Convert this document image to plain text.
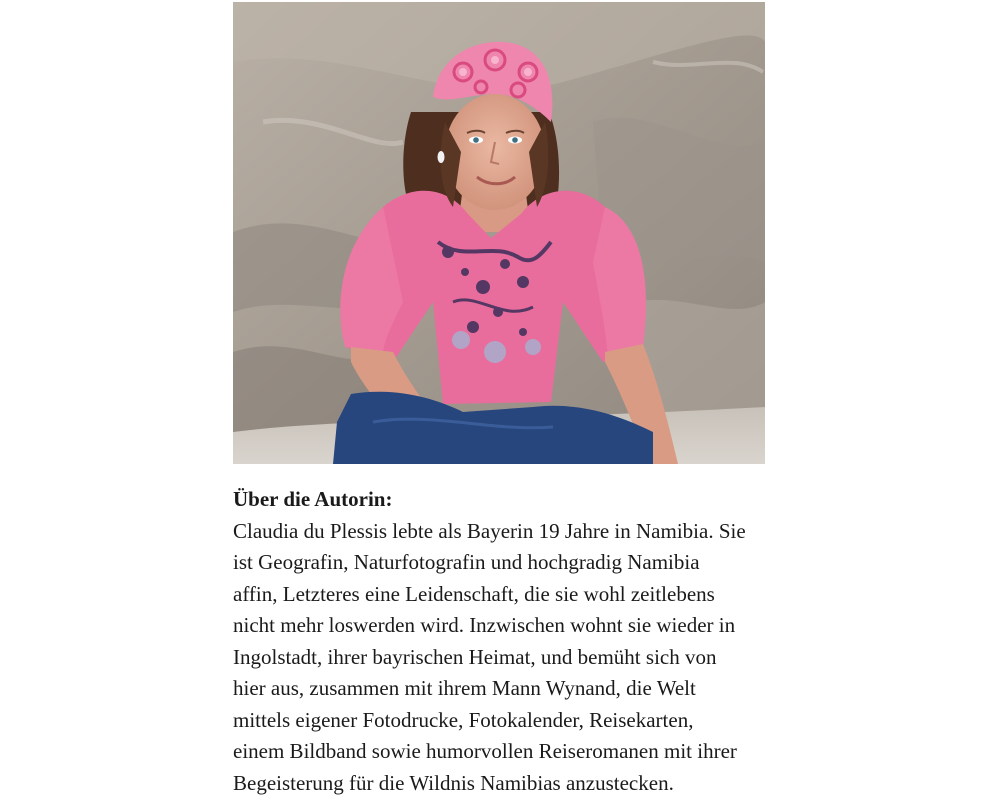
Über die Autorin:

Claudia du Plessis lebte als Bayerin 19 Jahre in Namibia. Sie

ist Geografin, Naturfotografin und hochgradig Namibia

affin, Letzteres eine Leidenschaft, die sie wohl zeitlebens

nicht mehr loswerden wird. Inzwischen wohnt sie wieder in

Ingolstadt, ihrer bayrischen Heimat, und bemüht sich von

hier aus, zusammen mit ihrem Mann Wynand, die Welt

mittels eigener Fotodrucke, Fotokalender, Reisekarten,

einem Bildband sowie humorvollen Reiseromanen mit ihrer

Begeisterung für die Wildnis Namibias anzustecken.
